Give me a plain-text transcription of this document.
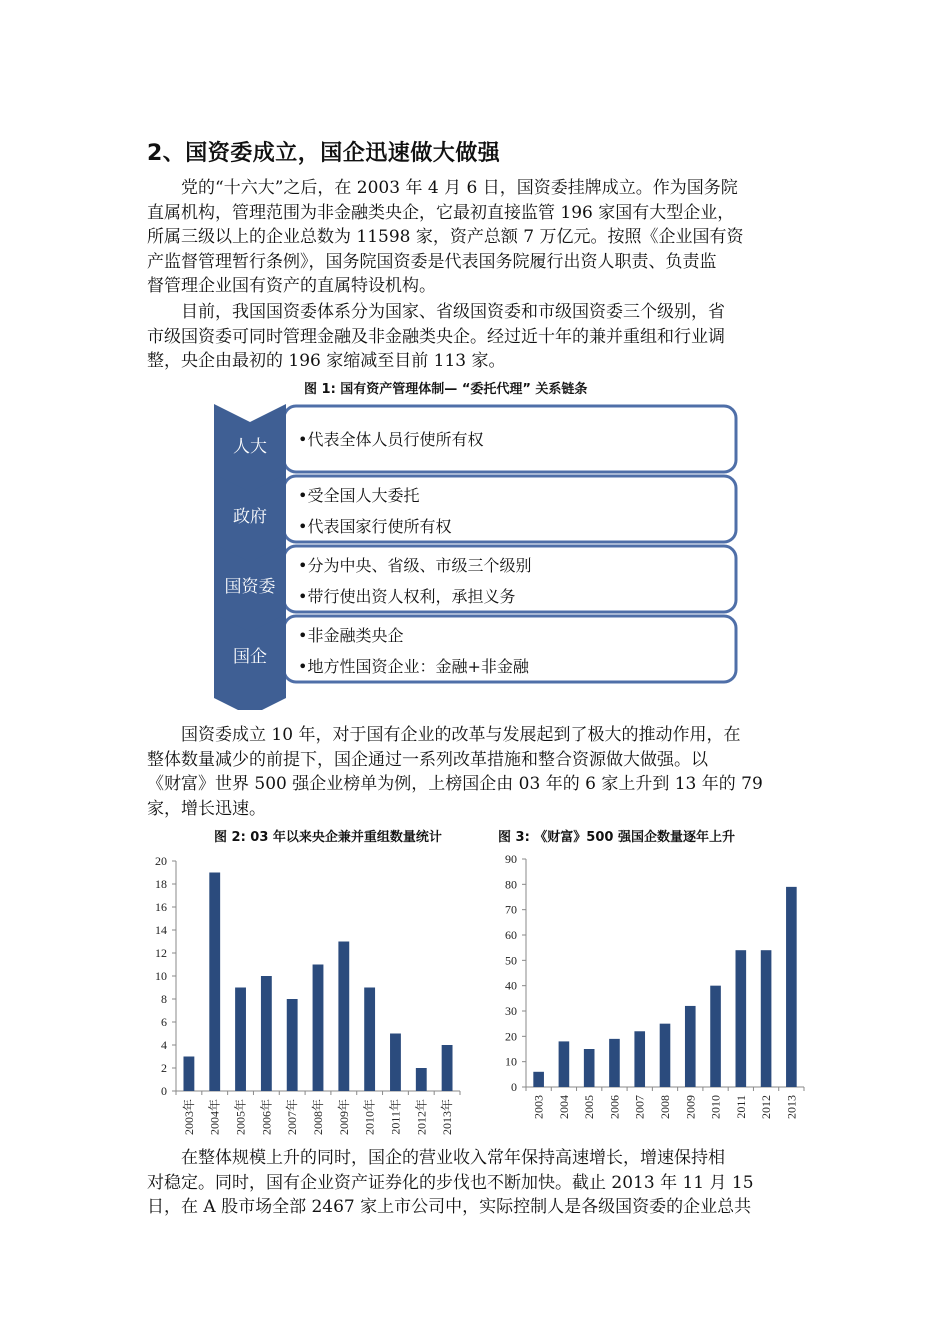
2、国资委成立，国企迅速做大做强
　　党的“十六大”之后，在 2003 年 4 月 6 日，国资委挂牌成立。作为国务院
直属机构，管理范围为非金融类央企，它最初直接监管 196 家国有大型企业，
所属三级以上的企业总数为 11598 家，资产总额 7 万亿元。按照《企业国有资
产监督管理暂行条例》，国务院国资委是代表国务院履行出资人职责、负责监
督管理企业国有资产的直属特设机构。
　　目前，我国国资委体系分为国家、省级国资委和市级国资委三个级别，省
市级国资委可同时管理金融及非金融类央企。经过近十年的兼并重组和行业调
整，央企由最初的 196 家缩减至目前 113 家。
图 1: 国有资产管理体制— “委托代理” 关系链条
人大 •代表全体人员行使所有权
政府
•受全国人大委托
•代表国家行使所有权
国资委
•分为中央、省级、市级三个级别
•带行使出资人权利，承担义务
国企
•非金融类央企
•地方性国资企业：金融+非金融
　　国资委成立 10 年，对于国有企业的改革与发展起到了极大的推动作用，在
整体数量减少的前提下，国企通过一系列改革措施和整合资源做大做强。以
《财富》世界 500 强企业榜单为例，上榜国企由 03 年的 6 家上升到 13 年的 79
家，增长迅速。
图 2: 03 年以来央企兼并重组数量统计	图 3: 《财富》500 强国企数量逐年上升
0
2
4
6
8
10
12
14
16
18
20
2003年 2004年 2005年 2006年 2007年 2008年 2009年 2010年 2011年 2012年 2013年
0
10
20
30
40
50
60
70
80
90
2003 2004 2005 2006 2007 2008 2009 2010 2011 2012 2013
　　在整体规模上升的同时，国企的营业收入常年保持高速增长，增速保持相
对稳定。同时，国有企业资产证券化的步伐也不断加快。截止 2013 年 11 月 15
日，在 A 股市场全部 2467 家上市公司中，实际控制人是各级国资委的企业总共
